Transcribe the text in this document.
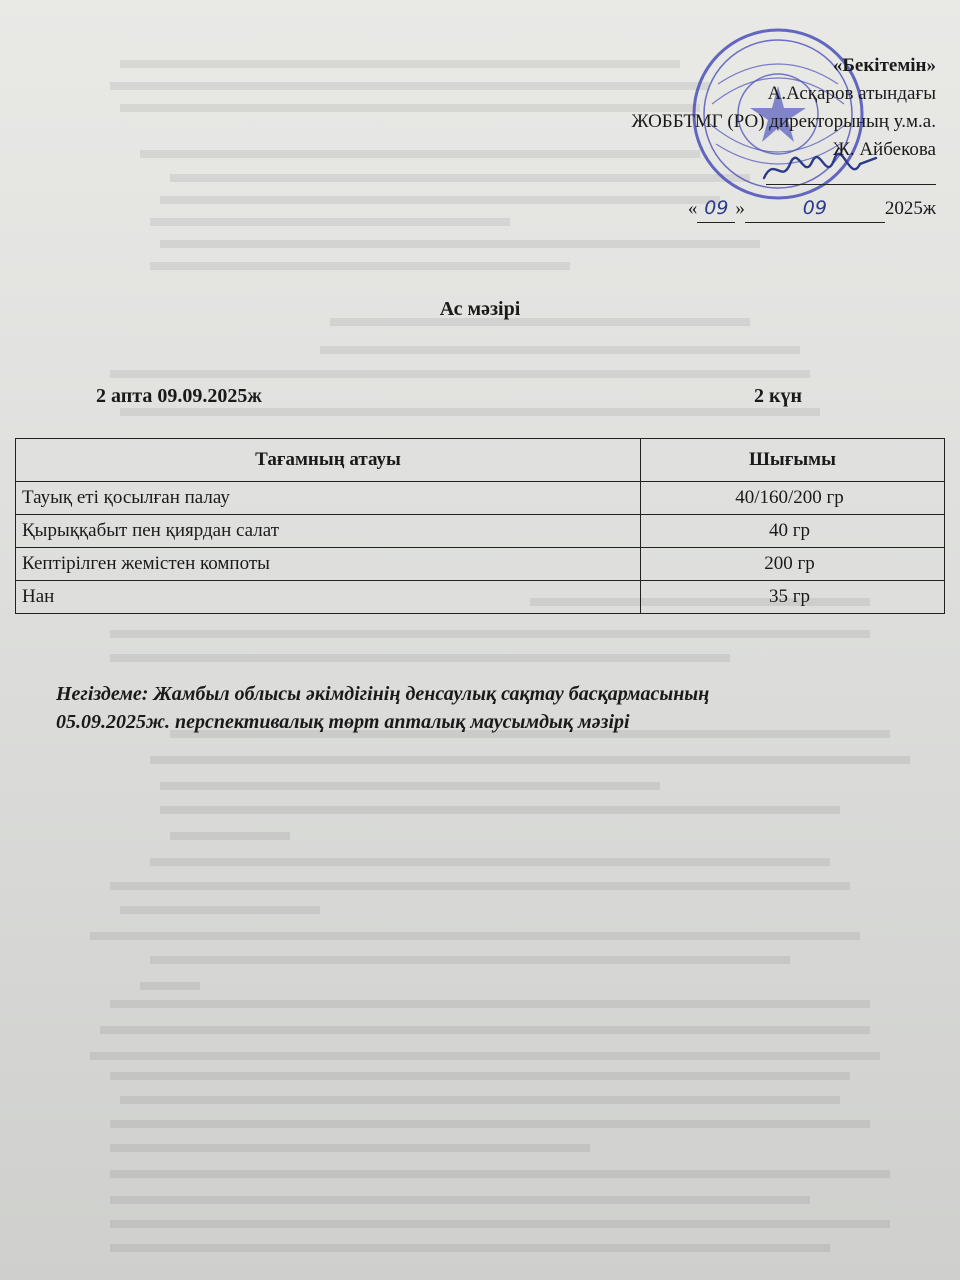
«Бекітемін»
А.Асқаров атындағы
ЖОББТМГ (РО) директорының у.м.а.
Ж. Айбекова
« 09 »	09	2025ж
Ас мәзірі
2 апта 09.09.2025ж	2 күн
Тағамның атауы	Шығымы
Тауық еті қосылған палау	40/160/200 гр
Қырыққабыт пен қиярдан салат	40 гр
Кептірілген жемістен компоты	200 гр
Нан	35 гр
Негіздеме: Жамбыл облысы әкімдігінің денсаулық сақтау басқармасының
05.09.2025ж. перспективалық төрт апталық маусымдық мәзірі
